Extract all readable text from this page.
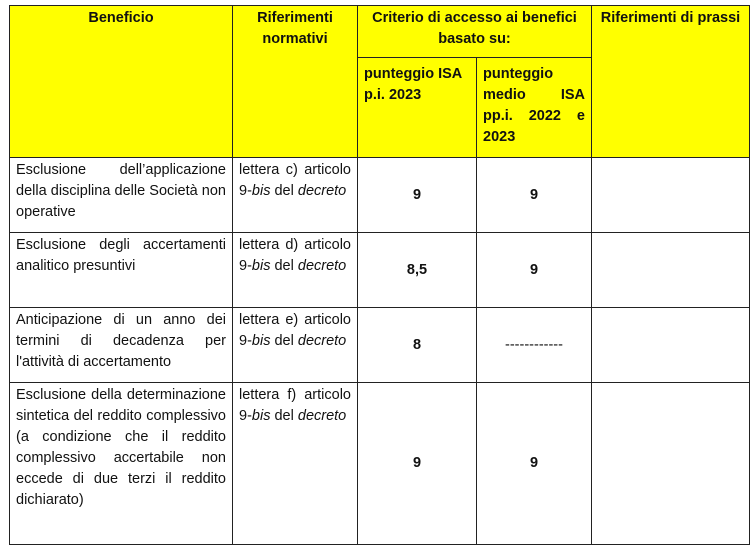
Beneficio	Riferimenti normativi	Criterio di accesso ai benefici basato su:		Riferimenti di prassi
		punteggio ISA p.i. 2023	punteggio medio ISA pp.i. 2022 e 2023	
Esclusione dell’applicazione della disciplina delle Società non operative	lettera c) articolo 9-bis del decreto	9	9	
Esclusione degli accertamenti analitico presuntivi	lettera d) articolo 9-bis del decreto	8,5	9	
Anticipazione di un anno dei termini di decadenza per l'attività di accertamento	lettera e) articolo 9-bis del decreto	8	------------	
Esclusione della determinazione sintetica del reddito complessivo (a condizione che il reddito complessivo accertabile non eccede di due terzi il reddito dichiarato)	lettera f) articolo 9-bis del decreto	9	9	
